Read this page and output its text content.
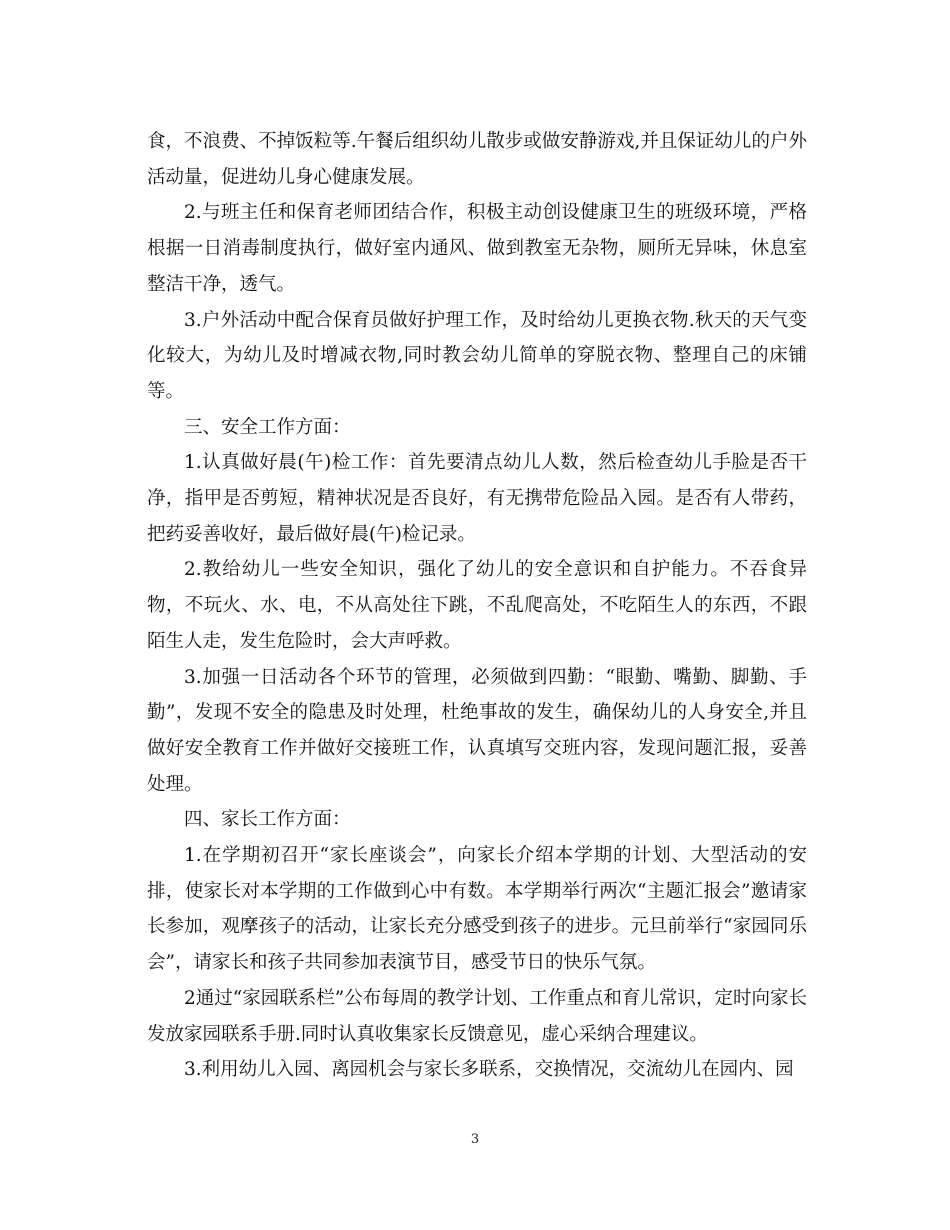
食，不浪费、不掉饭粒等.午餐后组织幼儿散步或做安静游戏,并且保证幼儿的户外活动量，促进幼儿身心健康发展。

2.与班主任和保育老师团结合作，积极主动创设健康卫生的班级环境，严格根据一日消毒制度执行，做好室内通风、做到教室无杂物，厕所无异味，休息室整洁干净，透气。

3.户外活动中配合保育员做好护理工作，及时给幼儿更换衣物.秋天的天气变化较大，为幼儿及时增减衣物,同时教会幼儿简单的穿脱衣物、整理自己的床铺等。

三、安全工作方面：

1.认真做好晨(午)检工作：首先要清点幼儿人数，然后检查幼儿手脸是否干净，指甲是否剪短，精神状况是否良好，有无携带危险品入园。是否有人带药，把药妥善收好，最后做好晨(午)检记录。

2.教给幼儿一些安全知识，强化了幼儿的安全意识和自护能力。不吞食异物，不玩火、水、电，不从高处往下跳，不乱爬高处，不吃陌生人的东西，不跟陌生人走，发生危险时，会大声呼救。

3.加强一日活动各个环节的管理，必须做到四勤：“眼勤、嘴勤、脚勤、手勤”，发现不安全的隐患及时处理，杜绝事故的发生，确保幼儿的人身安全,并且做好安全教育工作并做好交接班工作，认真填写交班内容，发现问题汇报，妥善处理。

四、家长工作方面：

1.在学期初召开“家长座谈会”，向家长介绍本学期的计划、大型活动的安排，使家长对本学期的工作做到心中有数。本学期举行两次“主题汇报会”邀请家长参加，观摩孩子的活动，让家长充分感受到孩子的进步。元旦前举行“家园同乐会”，请家长和孩子共同参加表演节目，感受节日的快乐气氛。

2通过“家园联系栏”公布每周的教学计划、工作重点和育儿常识，定时向家长发放家园联系手册.同时认真收集家长反馈意见，虚心采纳合理建议。

3.利用幼儿入园、离园机会与家长多联系，交换情况，交流幼儿在园内、园

3
